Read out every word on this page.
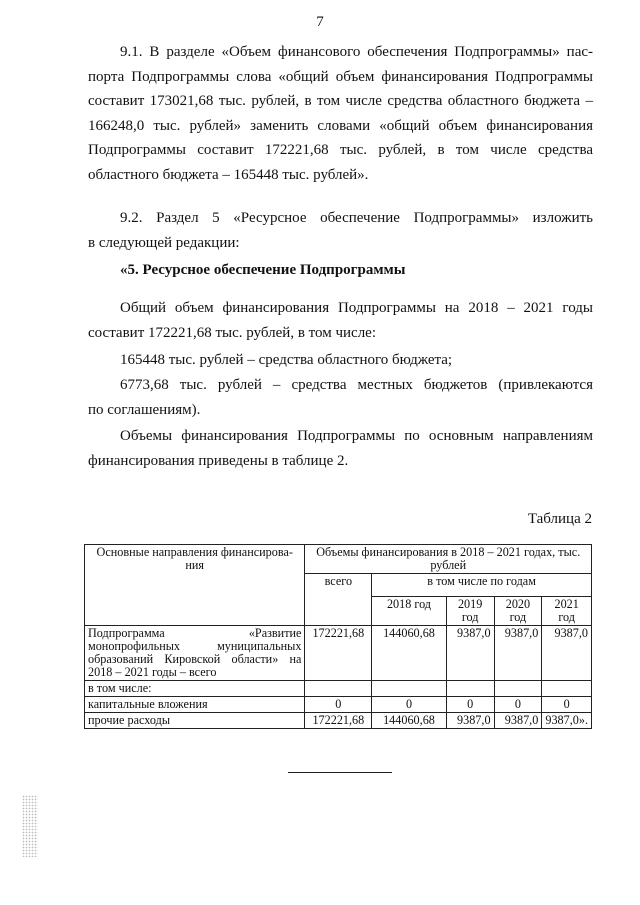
7
9.1. В разделе «Объем финансового обеспечения Подпрограммы» пас-
порта Подпрограммы слова «общий объем финансирования Подпрограммы
составит 173021,68 тыс. рублей, в том числе средства областного бюджета –
166248,0 тыс. рублей» заменить словами «общий объем финансирования
Подпрограммы составит 172221,68 тыс. рублей, в том числе средства
областного бюджета – 165448 тыс. рублей».
9.2. Раздел 5 «Ресурсное обеспечение Подпрограммы» изложить
в следующей редакции:
«5. Ресурсное обеспечение Подпрограммы
Общий объем финансирования Подпрограммы на 2018 – 2021 годы
составит 172221,68 тыс. рублей, в том числе:
165448 тыс. рублей – средства областного бюджета;
6773,68 тыс. рублей – средства местных бюджетов (привлекаются
по соглашениям).
Объемы финансирования Подпрограммы по основным направлениям
финансирования приведены в таблице 2.
Таблица 2
Основные направления финансирова-ния	Объемы финансирования в 2018 – 2021 годах, тыс. рублей				
	всего	в том числе по годам			
		2018 год	2019 год	2020 год	2021 год
Подпрограмма «Развитие монопрофильных муниципальных образований Кировской области» на 2018 – 2021 годы – всего	172221,68	144060,68	9387,0	9387,0	9387,0
в том числе:					
капитальные вложения	0	0	0	0	0
прочие расходы	172221,68	144060,68	9387,0	9387,0	9387,0».
